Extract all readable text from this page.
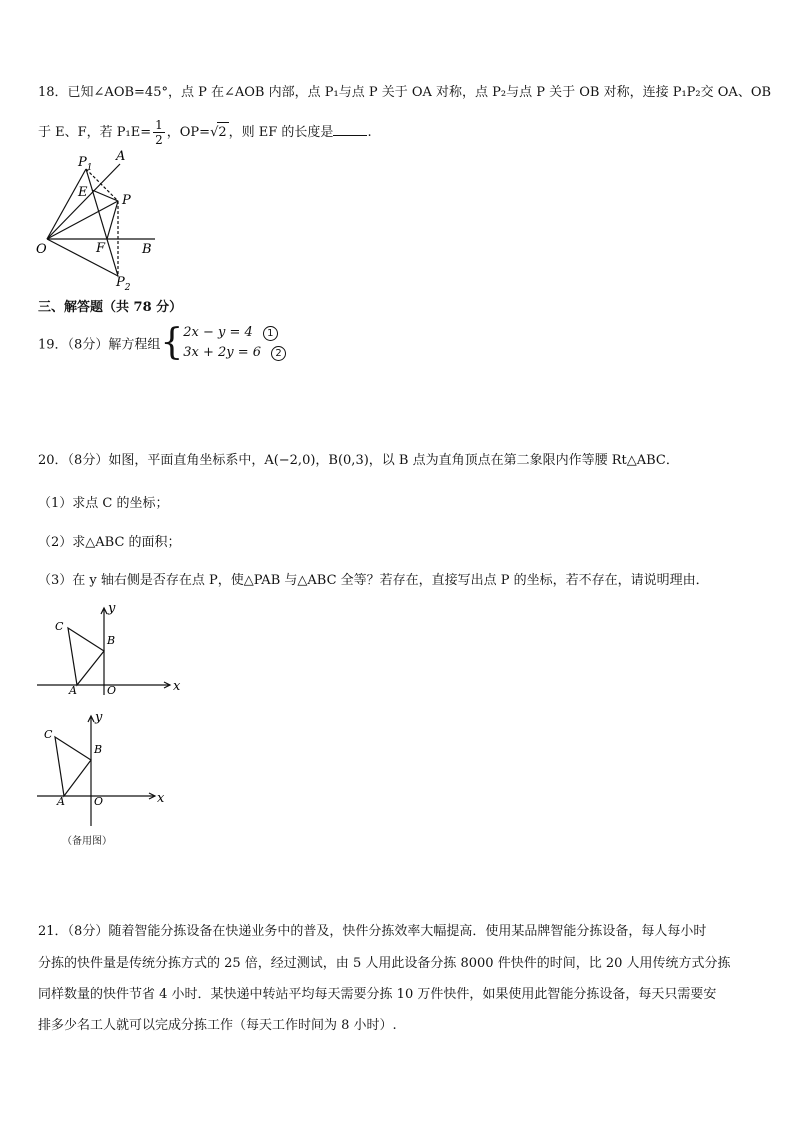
18．已知∠AOB=45°，点 P 在∠AOB 内部，点 P₁与点 P 关于 OA 对称，点 P₂与点 P 关于 OB 对称，连接 P₁P₂交 OA、OB
于 E、F，若 $P_1E= \frac{1}{2}$ ，OP=√2 ，则 EF 的长度是	.
$P_1$
A
E
P
O	F	B
$P_2$
三、解答题（共 78 分）
19．（8分）解方程组{ 2x − y = 4 1
3x + 2y = 6 2
20．（8分）如图，平面直角坐标系中，A(−2,0)，B(0,3)，以 B 点为直角顶点在第二象限内作等腰 Rt△ABC．
（1）求点 C 的坐标；
（2）求△ABC 的面积；
（3）在 y 轴右侧是否存在点 P，使△PAB 与△ABC 全等？若存在，直接写出点 P 的坐标，若不存在，请说明理由．
y
C
B
A	O	x
y
C
B
A	O	x
（备用图）
21．（8分）随着智能分拣设备在快递业务中的普及，快件分拣效率大幅提高．使用某品牌智能分拣设备，每人每小时
分拣的快件量是传统分拣方式的 25 倍，经过测试，由 5 人用此设备分拣 8000 件快件的时间，比 20 人用传统方式分拣
同样数量的快件节省 4 小时．某快递中转站平均每天需要分拣 10 万件快件，如果使用此智能分拣设备，每天只需要安
排多少名工人就可以完成分拣工作（每天工作时间为 8 小时）.
